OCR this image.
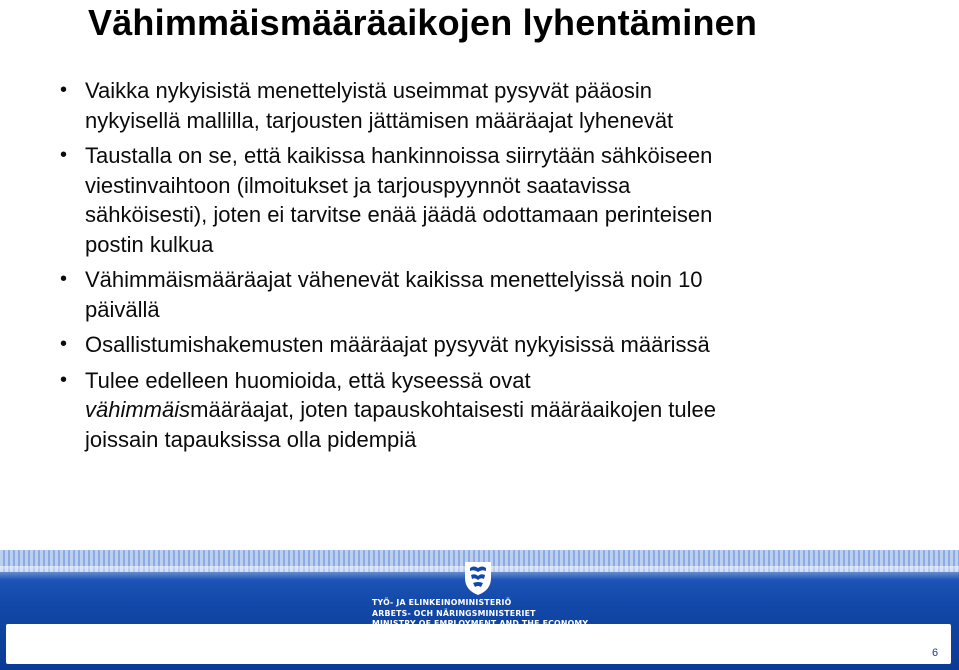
Vähimmäismääräaikojen lyhentäminen
• Vaikka nykyisistä menettelyistä useimmat pysyvät pääosin
nykyisellä mallilla, tarjousten jättämisen määräajat lyhenevät
• Taustalla on se, että kaikissa hankinnoissa siirrytään sähköiseen
viestinvaihtoon (ilmoitukset ja tarjouspyynnöt saatavissa
sähköisesti), joten ei tarvitse enää jäädä odottamaan perinteisen
postin kulkua
• Vähimmäismääräajat vähenevät kaikissa menettelyissä noin 10
päivällä
• Osallistumishakemusten määräajat pysyvät nykyisissä määrissä
• Tulee edelleen huomioida, että kyseessä ovat
vähimmäismääräajat, joten tapauskohtaisesti määräaikojen tulee
joissain tapauksissa olla pidempiä
TYÖ- JA ELINKEINOMINISTERIÖ
ARBETS- OCH NÄRINGSMINISTERIET
6
